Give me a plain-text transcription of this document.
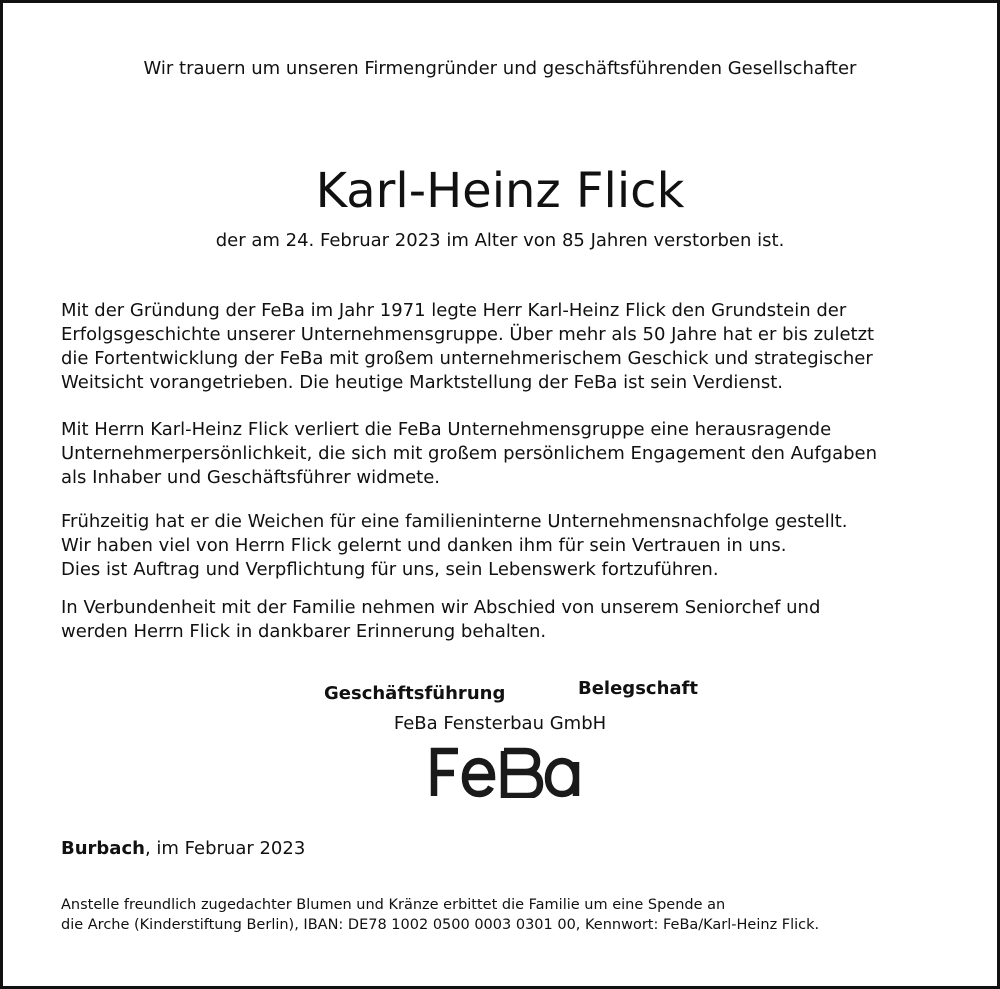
Wir trauern um unseren Firmengründer und geschäftsführenden Gesellschafter
Karl-Heinz Flick
der am 24. Februar 2023 im Alter von 85 Jahren verstorben ist.

Mit der Gründung der FeBa im Jahr 1971 legte Herr Karl-Heinz Flick den Grundstein der
Erfolgsgeschichte unserer Unternehmensgruppe. Über mehr als 50 Jahre hat er bis zuletzt
die Fortentwicklung der FeBa mit großem unternehmerischem Geschick und strategischer
Weitsicht vorangetrieben. Die heutige Marktstellung der FeBa ist sein Verdienst.

Mit Herrn Karl-Heinz Flick verliert die FeBa Unternehmensgruppe eine herausragende
Unternehmerpersönlichkeit, die sich mit großem persönlichem Engagement den Aufgaben
als Inhaber und Geschäftsführer widmete.

Frühzeitig hat er die Weichen für eine familieninterne Unternehmensnachfolge gestellt.
Wir haben viel von Herrn Flick gelernt und danken ihm für sein Vertrauen in uns.
Dies ist Auftrag und Verpflichtung für uns, sein Lebenswerk fortzuführen.

In Verbundenheit mit der Familie nehmen wir Abschied von unserem Seniorchef und
werden Herrn Flick in dankbarer Erinnerung behalten.

Geschäftsführung	Belegschaft
FeBa Fensterbau GmbH
Burbach, im Februar 2023
Anstelle freundlich zugedachter Blumen und Kränze erbittet die Familie um eine Spende an
die Arche (Kinderstiftung Berlin), IBAN: DE78 1002 0500 0003 0301 00, Kennwort: FeBa/Karl-Heinz Flick.
